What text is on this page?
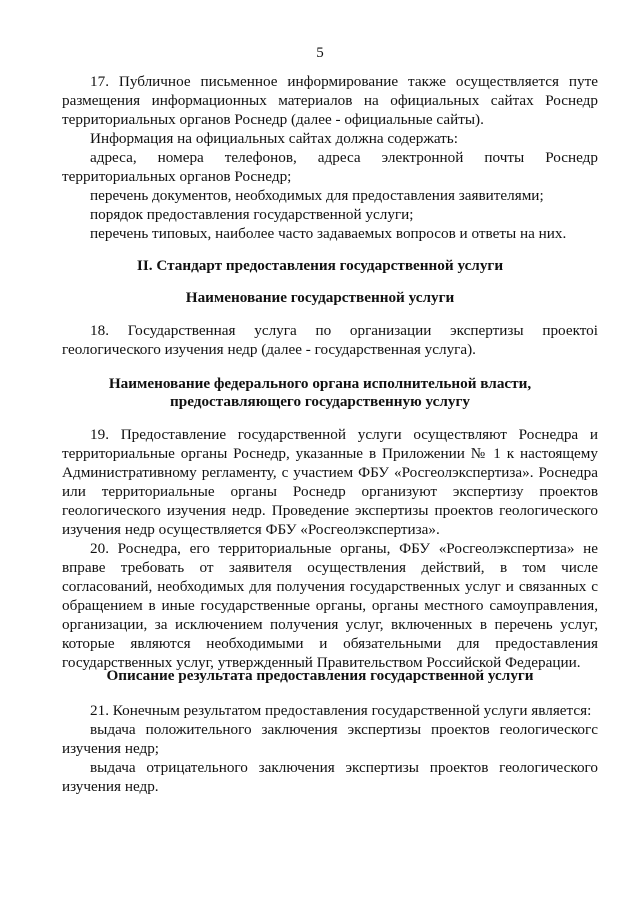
5
17. Публичное письменное информирование также осуществляется путе
размещения информационных материалов на официальных сайтах Роснедр
территориальных органов Роснедр (далее - официальные сайты).
Информация на официальных сайтах должна содержать:
адреса, номера телефонов, адреса электронной почты Роснедр
территориальных органов Роснедр;
перечень документов, необходимых для предоставления заявителями;
порядок предоставления государственной услуги;
перечень типовых, наиболее часто задаваемых вопросов и ответы на них.
II. Стандарт предоставления государственной услуги
Наименование государственной услуги
18. Государственная услуга по организации экспертизы проектоі
геологического изучения недр (далее - государственная услуга).
Наименование федерального органа исполнительной власти,
предоставляющего государственную услугу
19. Предоставление государственной услуги осуществляют Роснедра и
территориальные органы Роснедр, указанные в Приложении № 1 к настоящему
Административному регламенту, с участием ФБУ «Росгеолэкспертиза». Роснедра
или территориальные органы Роснедр организуют экспертизу проектов
геологического изучения недр. Проведение экспертизы проектов геологического
изучения недр осуществляется ФБУ «Росгеолэкспертиза».
20. Роснедра, его территориальные органы, ФБУ «Росгеолэкспертиза» не
вправе требовать от заявителя осуществления действий, в том числе
согласований, необходимых для получения государственных услуг и связанных с
обращением в иные государственные органы, органы местного самоуправления,
организации, за исключением получения услуг, включенных в перечень услуг,
которые являются необходимыми и обязательными для предоставления
государственных услуг, утвержденный Правительством Российской Федерации.
Описание результата предоставления государственной услуги
21. Конечным результатом предоставления государственной услуги является:
выдача положительного заключения экспертизы проектов геологическогс
изучения недр;
выдача отрицательного заключения экспертизы проектов геологического
изучения недр.
